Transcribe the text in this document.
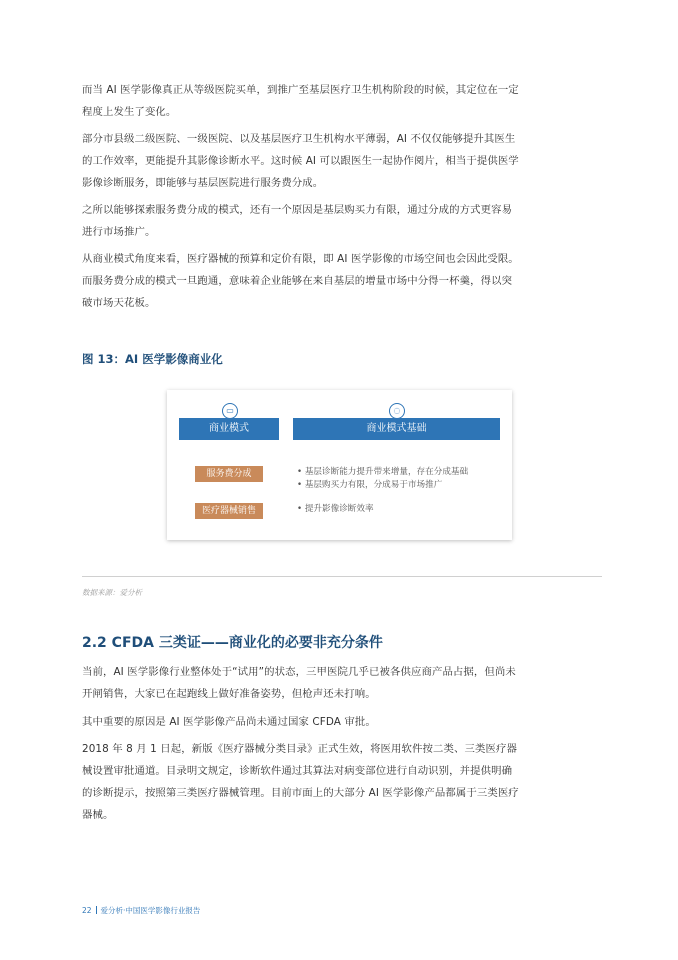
而当 AI 医学影像真正从等级医院买单，到推广至基层医疗卫生机构阶段的时候，其定位在一定程度上发生了变化。

部分市县级二级医院、一级医院、以及基层医疗卫生机构水平薄弱，AI 不仅仅能够提升其医生的工作效率，更能提升其影像诊断水平。这时候 AI 可以跟医生一起协作阅片，相当于提供医学影像诊断服务，即能够与基层医院进行服务费分成。

之所以能够探索服务费分成的模式，还有一个原因是基层购买力有限，通过分成的方式更容易进行市场推广。

从商业模式角度来看，医疗器械的预算和定价有限，即 AI 医学影像的市场空间也会因此受限。而服务费分成的模式一旦跑通，意味着企业能够在来自基层的增量市场中分得一杯羹，得以突破市场天花板。

图 13：AI 医学影像商业化
▭	◌
商业模式	商业模式基础
服务费分成	• 基层诊断能力提升带来增量，存在分成基础
• 基层购买力有限，分成易于市场推广
医疗器械销售	• 提升影像诊断效率
数据来源：爱分析
2.2 CFDA 三类证——商业化的必要非充分条件

当前，AI 医学影像行业整体处于“试用”的状态，三甲医院几乎已被各供应商产品占据，但尚未开闸销售，大家已在起跑线上做好准备姿势，但枪声还未打响。

其中重要的原因是 AI 医学影像产品尚未通过国家 CFDA 审批。

2018 年 8 月 1 日起，新版《医疗器械分类目录》正式生效，将医用软件按二类、三类医疗器械设置审批通道。目录明文规定，诊断软件通过其算法对病变部位进行自动识别，并提供明确的诊断提示，按照第三类医疗器械管理。目前市面上的大部分 AI 医学影像产品都属于三类医疗器械。

22 爱分析·中国医学影像行业报告
